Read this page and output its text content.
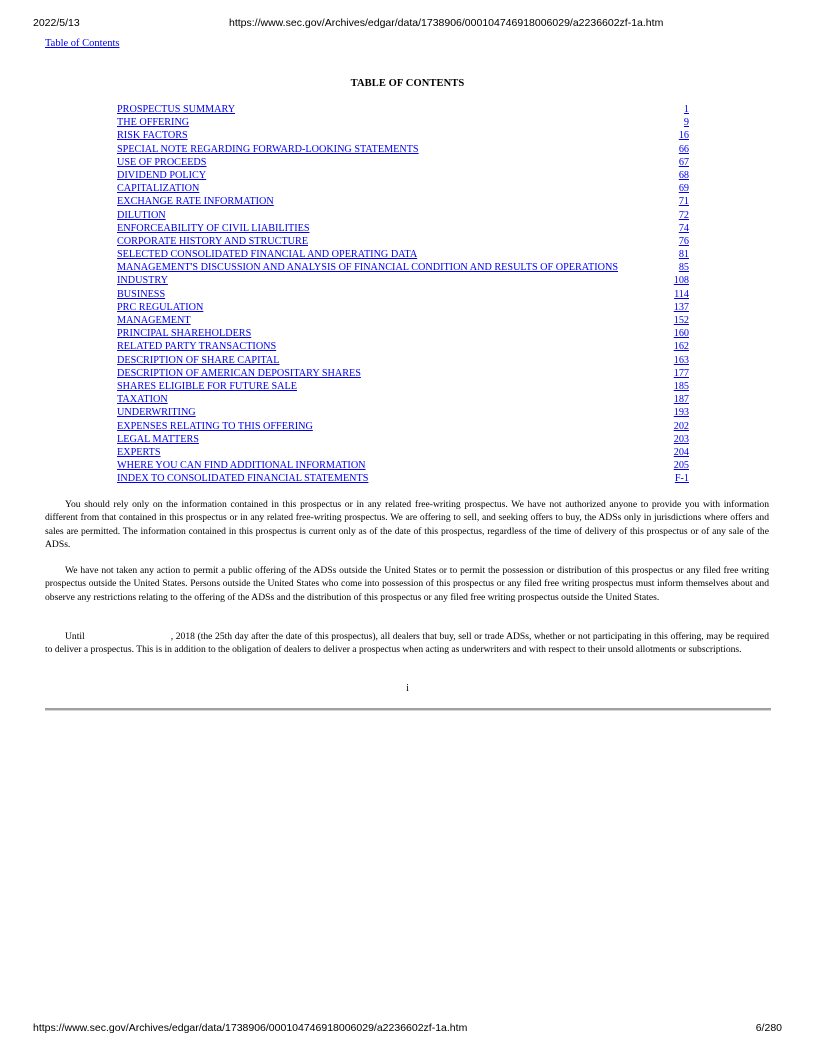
2022/5/13	https://www.sec.gov/Archives/edgar/data/1738906/000104746918006029/a2236602zf-1a.htm
Table of Contents
TABLE OF CONTENTS
PROSPECTUS SUMMARY	1
THE OFFERING	9
RISK FACTORS	16
SPECIAL NOTE REGARDING FORWARD-LOOKING STATEMENTS	66
USE OF PROCEEDS	67
DIVIDEND POLICY	68
CAPITALIZATION	69
EXCHANGE RATE INFORMATION	71
DILUTION	72
ENFORCEABILITY OF CIVIL LIABILITIES	74
CORPORATE HISTORY AND STRUCTURE	76
SELECTED CONSOLIDATED FINANCIAL AND OPERATING DATA	81
MANAGEMENT'S DISCUSSION AND ANALYSIS OF FINANCIAL CONDITION AND RESULTS OF OPERATIONS	85
INDUSTRY	108
BUSINESS	114
PRC REGULATION	137
MANAGEMENT	152
PRINCIPAL SHAREHOLDERS	160
RELATED PARTY TRANSACTIONS	162
DESCRIPTION OF SHARE CAPITAL	163
DESCRIPTION OF AMERICAN DEPOSITARY SHARES	177
SHARES ELIGIBLE FOR FUTURE SALE	185
TAXATION	187
UNDERWRITING	193
EXPENSES RELATING TO THIS OFFERING	202
LEGAL MATTERS	203
EXPERTS	204
WHERE YOU CAN FIND ADDITIONAL INFORMATION	205
INDEX TO CONSOLIDATED FINANCIAL STATEMENTS	F-1

You should rely only on the information contained in this prospectus or in any related free-writing prospectus. We have not authorized anyone to provide you with information different from that contained in this prospectus or in any related free-writing prospectus. We are offering to sell, and seeking offers to buy, the ADSs only in jurisdictions where offers and sales are permitted. The information contained in this prospectus is current only as of the date of this prospectus, regardless of the time of delivery of this prospectus or of any sale of the ADSs.

We have not taken any action to permit a public offering of the ADSs outside the United States or to permit the possession or distribution of this prospectus or any filed free writing prospectus outside the United States. Persons outside the United States who come into possession of this prospectus or any filed free writing prospectus must inform themselves about and observe any restrictions relating to the offering of the ADSs and the distribution of this prospectus or any filed free writing prospectus outside the United States.

Until	, 2018 (the 25th day after the date of this prospectus), all dealers that buy, sell or trade ADSs, whether or not participating in this offering, may be required to deliver a prospectus. This is in addition to the obligation of dealers to deliver a prospectus when acting as underwriters and with respect to their unsold allotments or subscriptions.

i
https://www.sec.gov/Archives/edgar/data/1738906/000104746918006029/a2236602zf-1a.htm	6/280
